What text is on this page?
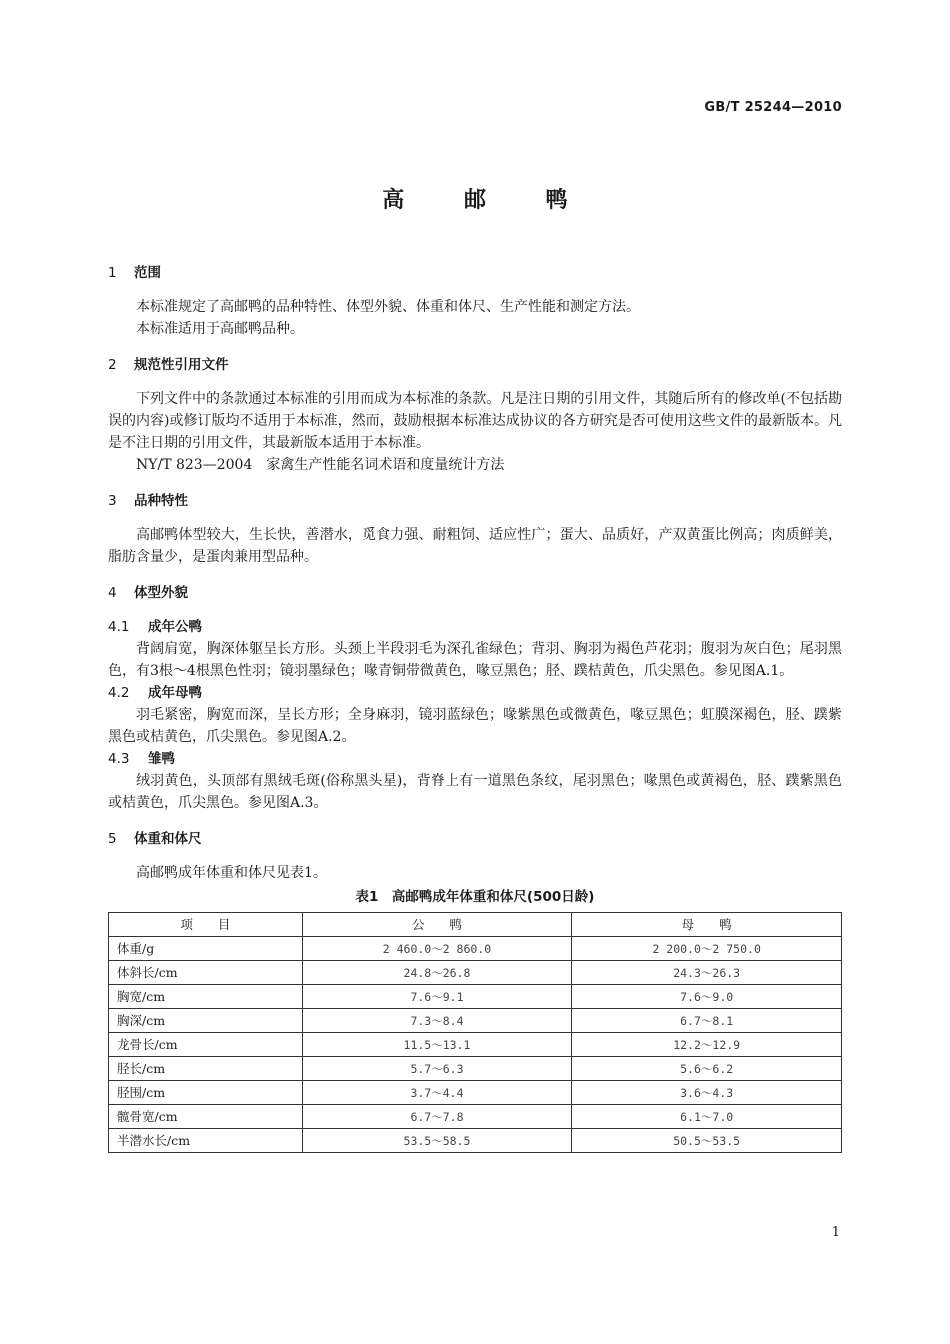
GB/T 25244—2010
高	邮	鸭
1 范围

本标准规定了高邮鸭的品种特性、体型外貌、体重和体尺、生产性能和测定方法。

本标准适用于高邮鸭品种。

2 规范性引用文件

下列文件中的条款通过本标准的引用而成为本标准的条款。凡是注日期的引用文件，其随后所有的修改单(不包括勘误的内容)或修订版均不适用于本标准，然而，鼓励根据本标准达成协议的各方研究是否可使用这些文件的最新版本。凡是不注日期的引用文件，其最新版本适用于本标准。

NY/T 823—2004　家禽生产性能名词术语和度量统计方法

3 品种特性

高邮鸭体型较大，生长快，善潜水，觅食力强、耐粗饲、适应性广；蛋大、品质好，产双黄蛋比例高；肉质鲜美，脂肪含量少，是蛋肉兼用型品种。

4 体型外貌
4.1 成年公鸭

背阔肩宽，胸深体躯呈长方形。头颈上半段羽毛为深孔雀绿色；背羽、胸羽为褐色芦花羽；腹羽为灰白色；尾羽黑色，有3根～4根黑色性羽；镜羽墨绿色；喙青铜带微黄色，喙豆黑色；胫、蹼桔黄色，爪尖黑色。参见图A.1。

4.2 成年母鸭

羽毛紧密，胸宽而深，呈长方形；全身麻羽，镜羽蓝绿色；喙紫黑色或微黄色，喙豆黑色；虹膜深褐色，胫、蹼紫黑色或桔黄色，爪尖黑色。参见图A.2。

4.3 雏鸭

绒羽黄色，头顶部有黑绒毛斑(俗称黑头星)，背脊上有一道黑色条纹，尾羽黑色；喙黑色或黄褐色，胫、蹼紫黑色或桔黄色，爪尖黑色。参见图A.3。

5 体重和体尺

高邮鸭成年体重和体尺见表1。

表1　高邮鸭成年体重和体尺(500日龄)
项　　目	公　　鸭	母　　鸭
体重/g	2 460.0～2 860.0	2 200.0～2 750.0
体斜长/cm	24.8～26.8	24.3～26.3
胸宽/cm	7.6～9.1	7.6～9.0
胸深/cm	7.3～8.4	6.7～8.1
龙骨长/cm	11.5～13.1	12.2～12.9
胫长/cm	5.7～6.3	5.6～6.2
胫围/cm	3.7～4.4	3.6～4.3
髋骨宽/cm	6.7～7.8	6.1～7.0
半潜水长/cm	53.5～58.5	50.5～53.5
1
